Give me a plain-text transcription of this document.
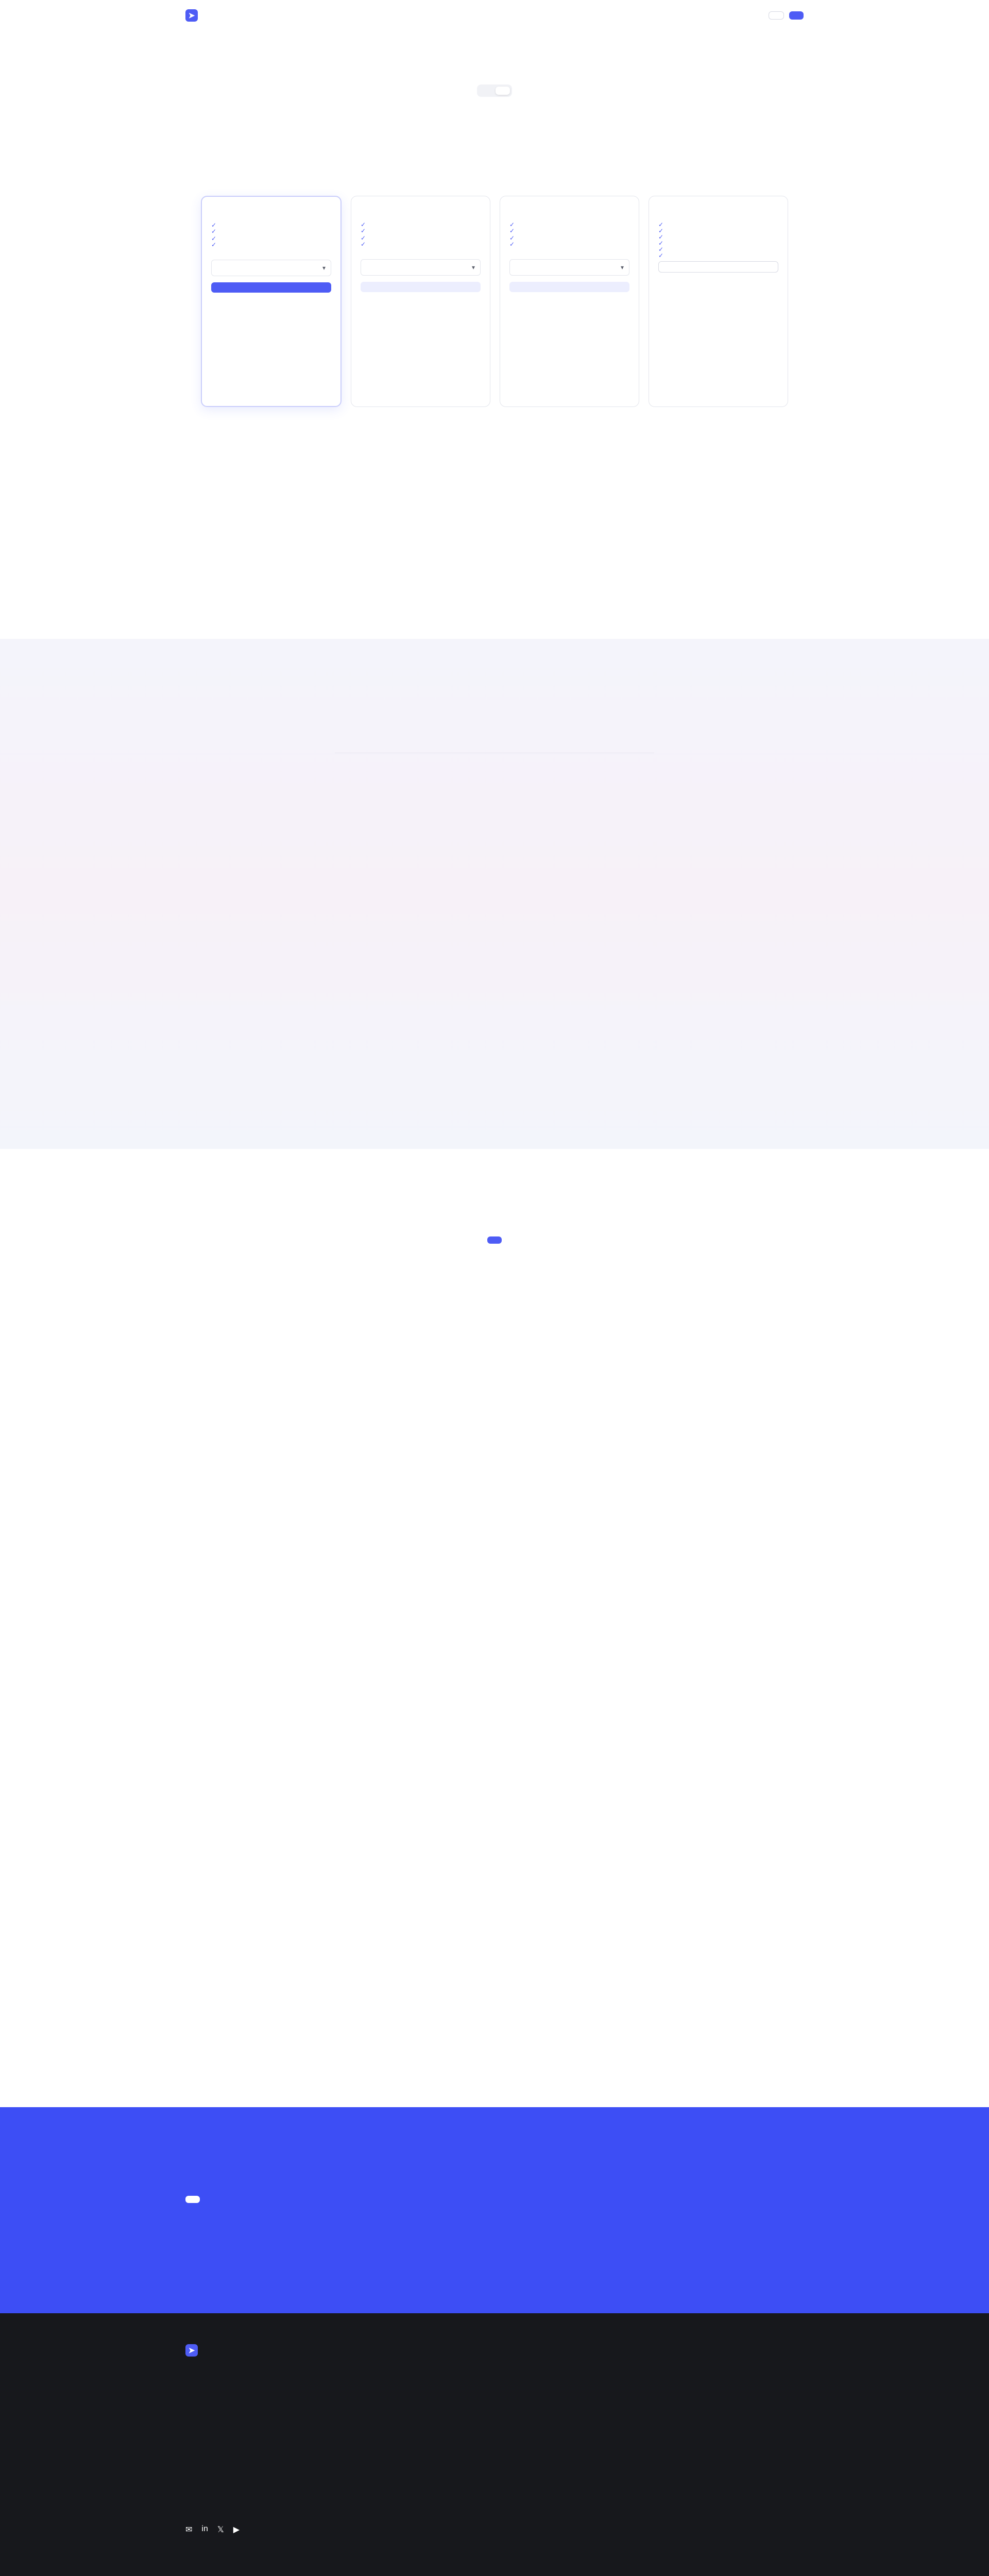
➤

✓
✓
✓
✓
▾
✓
✓
✓
✓	▾
✓
✓
✓
✓	▾
✓
✓
✓
✓
✓
✓

➤
✉ in 𝕏 ▶
